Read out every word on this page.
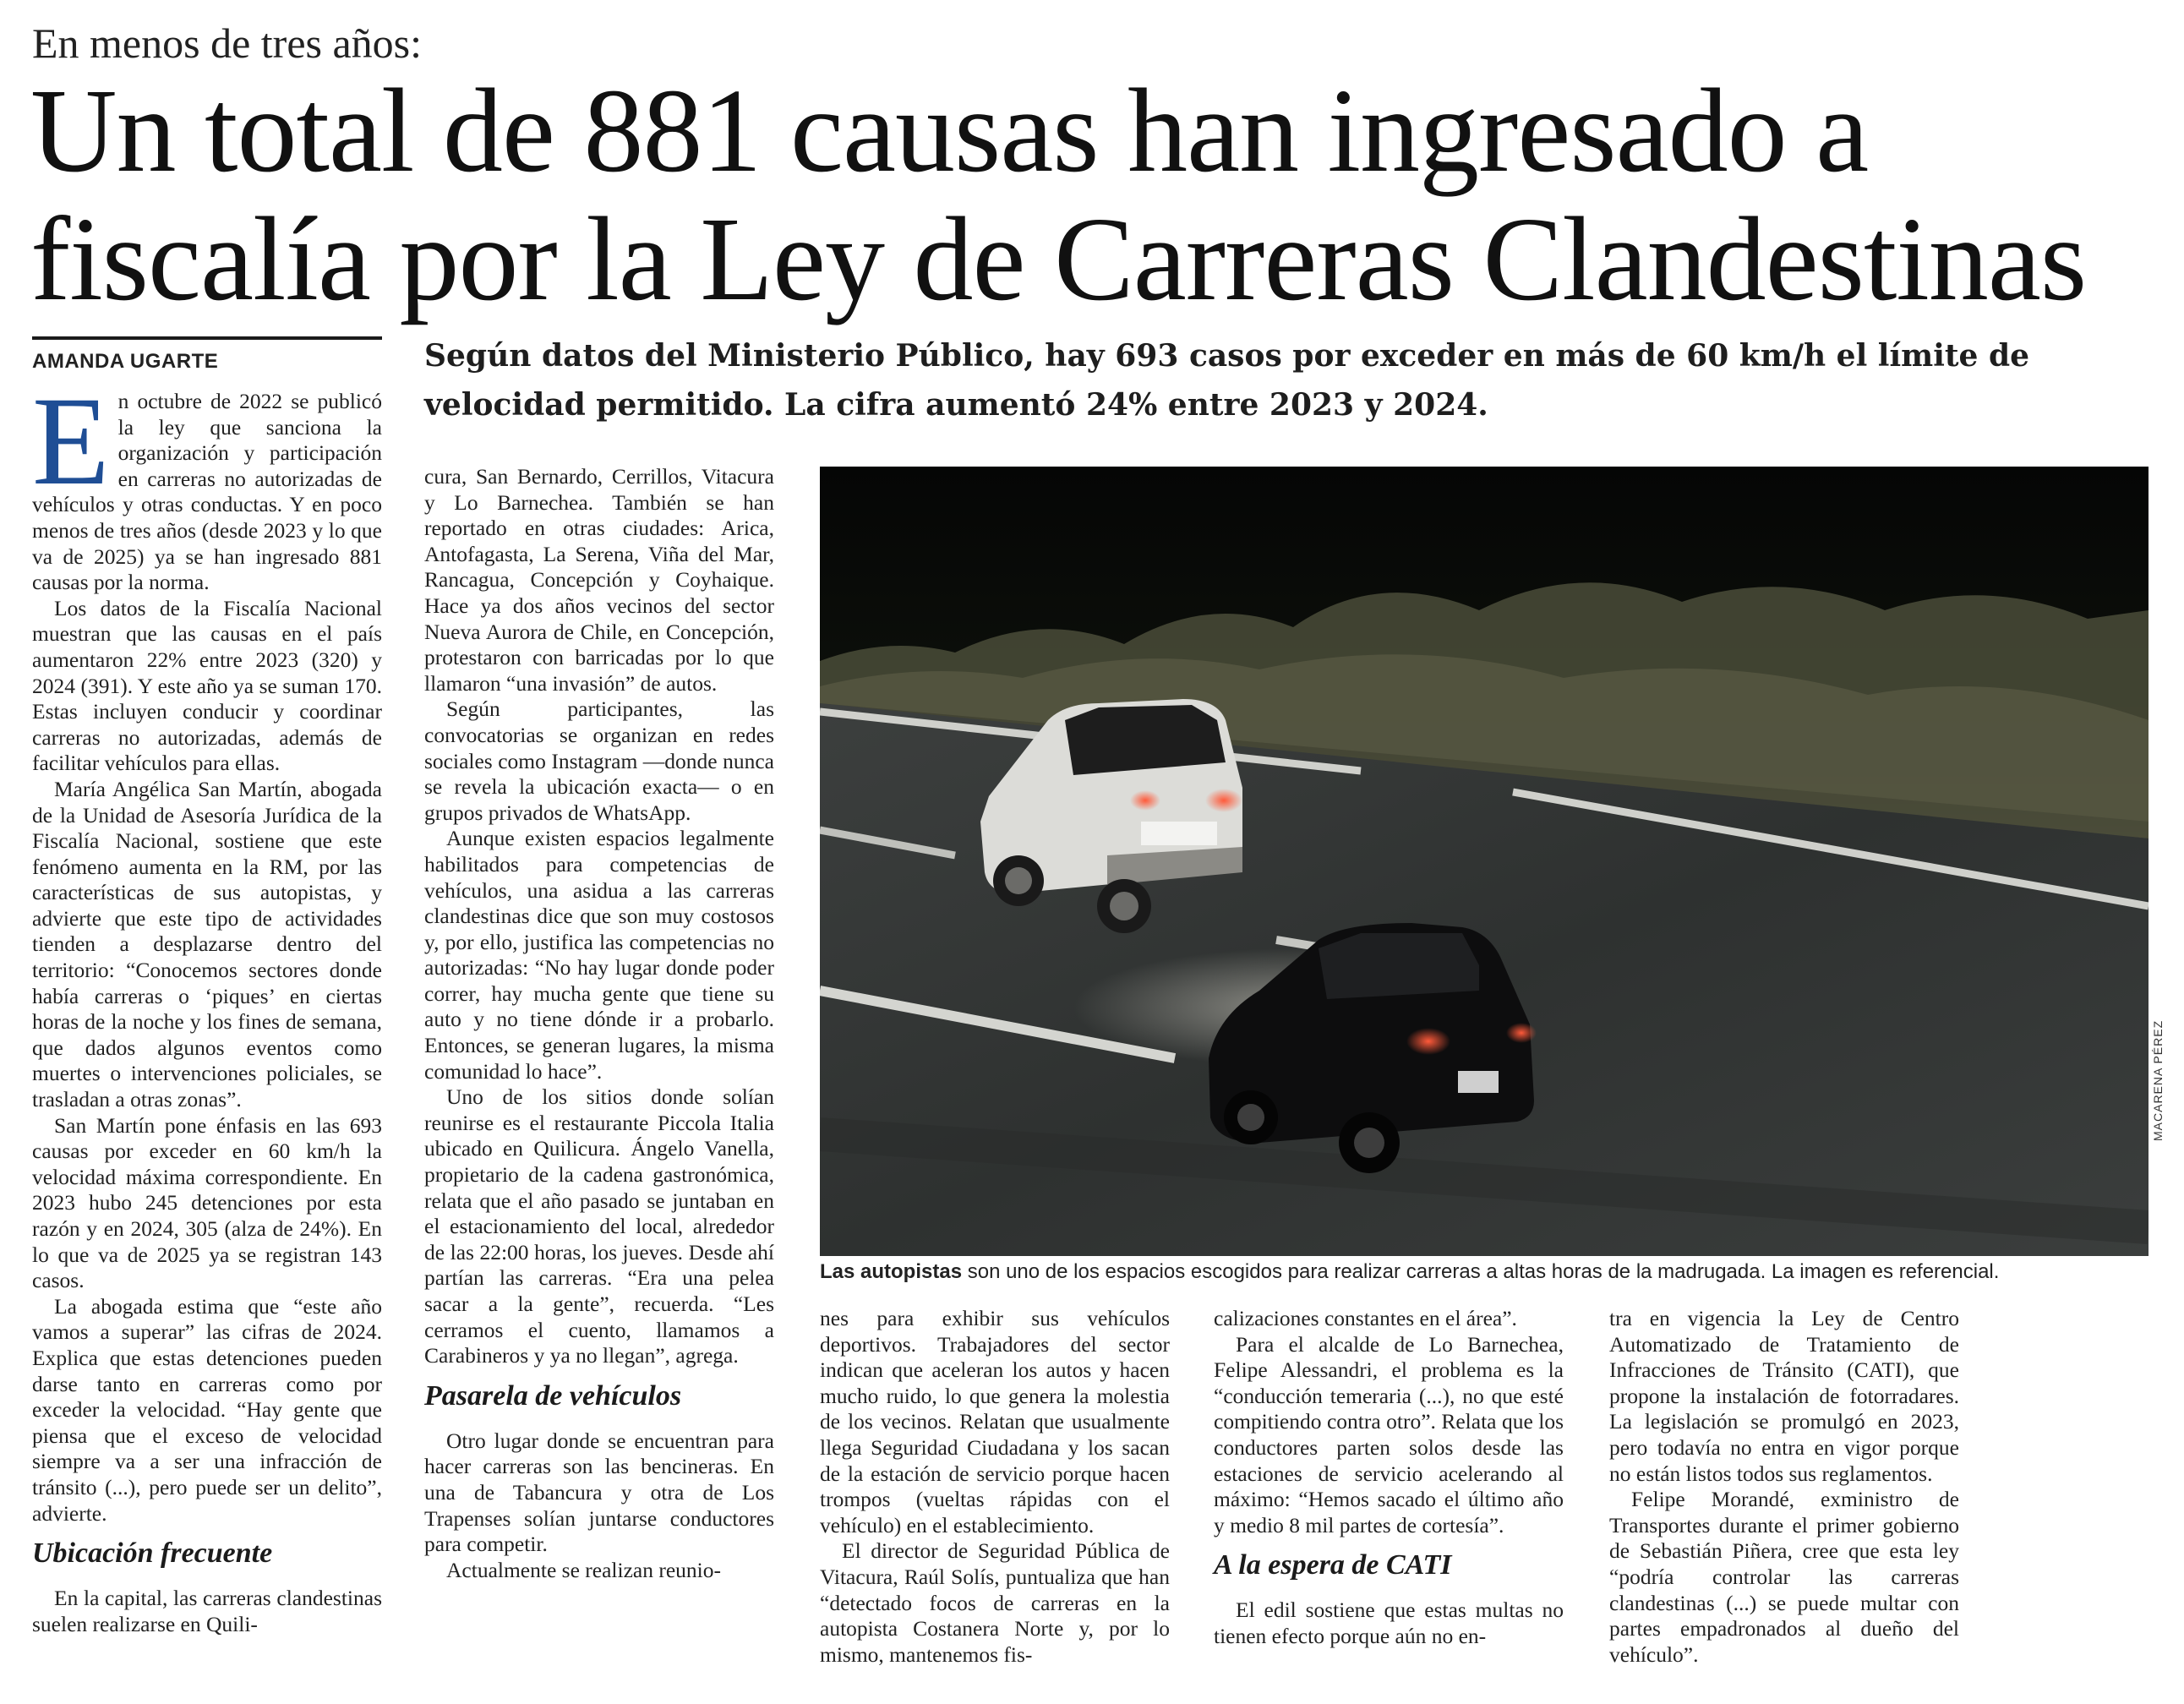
En menos de tres años:
Un total de 881 causas han ingresado a fiscalía por la Ley de Carreras Clandestinas
AMANDA UGARTE	Según datos del Ministerio Público, hay 693 casos por exceder en más de 60 km/h el límite de velocidad permitido. La cifra aumentó 24% entre 2023 y 2024.

En octubre de 2022 se publicó la ley que sanciona la organización y participación en carreras no autorizadas de vehículos y otras conductas. Y en poco menos de tres años (desde 2023 y lo que va de 2025) ya se han ingresado 881 causas por la norma.

Los datos de la Fiscalía Nacional muestran que las causas en el país aumentaron 22% entre 2023 (320) y 2024 (391). Y este año ya se suman 170. Estas incluyen conducir y coordinar carreras no autorizadas, además de facilitar vehículos para ellas.

María Angélica San Martín, abogada de la Unidad de Asesoría Jurídica de la Fiscalía Nacional, sostiene que este fenómeno aumenta en la RM, por las características de sus autopistas, y advierte que este tipo de actividades tienden a desplazarse dentro del territorio: “Conocemos sectores donde había carreras o ‘piques’ en ciertas horas de la noche y los fines de semana, que dados algunos eventos como muertes o intervenciones policiales, se trasladan a otras zonas”.

San Martín pone énfasis en las 693 causas por exceder en 60 km/h la velocidad máxima correspondiente. En 2023 hubo 245 detenciones por esta razón y en 2024, 305 (alza de 24%). En lo que va de 2025 ya se registran 143 casos.

La abogada estima que “este año vamos a superar” las cifras de 2024. Explica que estas detenciones pueden darse tanto en carreras como por exceder la velocidad. “Hay gente que piensa que el exceso de velocidad siempre va a ser una infracción de tránsito (...), pero puede ser un delito”, advierte.

Ubicación frecuente

En la capital, las carreras clandestinas suelen realizarse en Quili-

cura, San Bernardo, Cerrillos, Vitacura y Lo Barnechea. También se han reportado en otras ciudades: Arica, Antofagasta, La Serena, Viña del Mar, Rancagua, Concepción y Coyhaique. Hace ya dos años vecinos del sector Nueva Aurora de Chile, en Concepción, protestaron con barricadas por lo que llamaron “una invasión” de autos.

Según participantes, las convocatorias se organizan en redes sociales como Instagram —donde nunca se revela la ubicación exacta— o en grupos privados de WhatsApp.

Aunque existen espacios legalmente habilitados para competencias de vehículos, una asidua a las carreras clandestinas dice que son muy costosos y, por ello, justifica las competencias no autorizadas: “No hay lugar donde poder correr, hay mucha gente que tiene su auto y no tiene dónde ir a probarlo. Entonces, se generan lugares, la misma comunidad lo hace”.

Uno de los sitios donde solían reunirse es el restaurante Piccola Italia ubicado en Quilicura. Ángelo Vanella, propietario de la cadena gastronómica, relata que el año pasado se juntaban en el estacionamiento del local, alrededor de las 22:00 horas, los jueves. Desde ahí partían las carreras. “Era una pelea sacar a la gente”, recuerda. “Les cerramos el cuento, llamamos a Carabineros y ya no llegan”, agrega.

Pasarela de vehículos

Otro lugar donde se encuentran para hacer carreras son las bencineras. En una de Tabancura y otra de Los Trapenses solían juntarse conductores para competir.

Actualmente se realizan reunio-

MACARENA PÉREZ
Las autopistas son uno de los espacios escogidos para realizar carreras a altas horas de la madrugada. La imagen es referencial.

nes para exhibir sus vehículos deportivos. Trabajadores del sector indican que aceleran los autos y hacen mucho ruido, lo que genera la molestia de los vecinos. Relatan que usualmente llega Seguridad Ciudadana y los sacan de la estación de servicio porque hacen trompos (vueltas rápidas con el vehículo) en el establecimiento.

El director de Seguridad Pública de Vitacura, Raúl Solís, puntualiza que han “detectado focos de carreras en la autopista Costanera Norte y, por lo mismo, mantenemos fis-

calizaciones constantes en el área”.

Para el alcalde de Lo Barnechea, Felipe Alessandri, el problema es la “conducción temeraria (...), no que esté compitiendo contra otro”. Relata que los conductores parten solos desde las estaciones de servicio acelerando al máximo: “Hemos sacado el último año y medio 8 mil partes de cortesía”.

A la espera de CATI

El edil sostiene que estas multas no tienen efecto porque aún no en-

tra en vigencia la Ley de Centro Automatizado de Tratamiento de Infracciones de Tránsito (CATI), que propone la instalación de fotorradares. La legislación se promulgó en 2023, pero todavía no entra en vigor porque no están listos todos sus reglamentos.

Felipe Morandé, exministro de Transportes durante el primer gobierno de Sebastián Piñera, cree que esta ley “podría controlar las carreras clandestinas (...) se puede multar con partes empadronados al dueño del vehículo”.
